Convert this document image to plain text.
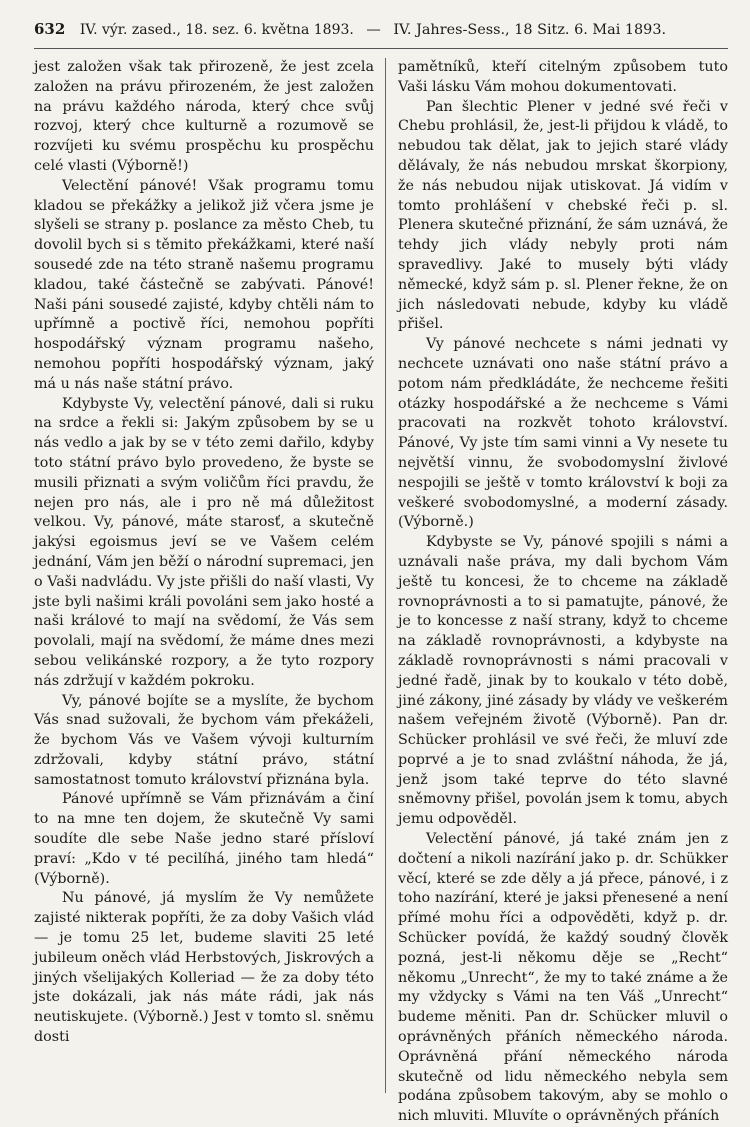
632 IV. výr. zased., 18. sez. 6. května 1893. — IV. Jahres-Sess., 18 Sitz. 6. Mai 1893.

jest založen však tak přirozeně, že jest zcela založen na právu přirozeném, že jest založen na právu každého národa, který chce svůj rozvoj, který chce kulturně a rozumově se rozvíjeti ku svému prospěchu ku prospěchu celé vlasti (Výborně!)

Velectění pánové! Však programu tomu kladou se překážky a jelikož již včera jsme je slyšeli se strany p. poslance za město Cheb, tu dovolil bych si s těmito překážkami, které naší sousedé zde na této straně našemu programu kladou, také částečně se zabývati. Pánové! Naši páni sousedé zajisté, kdyby chtěli nám to upřímně a poctivě říci, nemohou popříti hospodářský význam programu našeho, nemohou popříti hospodářský význam, jaký má u nás naše státní právo.

Kdybyste Vy, velectění pánové, dali si ruku na srdce a řekli si: Jakým způsobem by se u nás vedlo a jak by se v této zemi dařilo, kdyby toto státní právo bylo provedeno, že byste se musili přiznati a svým voličům říci pravdu, že nejen pro nás, ale i pro ně má důležitost velkou. Vy, pánové, máte starosť, a skutečně jakýsi egoismus jeví se ve Vašem celém jednání, Vám jen běží o národní supremaci, jen o Vaši nadvládu. Vy jste přišli do naší vlasti, Vy jste byli našimi králi povoláni sem jako hosté a naši králové to mají na svědomí, že Vás sem povolali, mají na svědomí, že máme dnes mezi sebou velikánské rozpory, a že tyto rozpory nás zdržují v každém pokroku.

Vy, pánové bojíte se a myslíte, že bychom Vás snad sužovali, že bychom vám překáželi, že bychom Vás ve Vašem vývoji kulturním zdržovali, kdyby státní právo, státní samostatnost tomuto království přiznána byla.

Pánové upřímně se Vám přiznávám a činí to na mne ten dojem, že skutečně Vy sami soudíte dle sebe Naše jedno staré přísloví praví: „Kdo v té pecilíhá, jiného tam hledá“ (Výborně).

Nu pánové, já myslím že Vy nemůžete zajisté nikterak popříti, že za doby Vašich vlád — je tomu 25 let, budeme slaviti 25 leté jubileum oněch vlád Herbstových, Jiskrových a jiných všelijakých Kolleriad — že za doby této jste dokázali, jak nás máte rádi, jak nás neutiskujete. (Výborně.) Jest v tomto sl. sněmu dosti

pamětníků, kteří citelným způsobem tuto Vaši lásku Vám mohou dokumentovati.

Pan šlechtic Plener v jedné své řeči v Chebu prohlásil, že, jest-li přijdou k vládě, to nebudou tak dělat, jak to jejich staré vlády dělávaly, že nás nebudou mrskat škorpiony, že nás nebudou nijak utiskovat. Já vidím v tomto prohlášení v chebské řeči p. sl. Plenera skutečné přiznání, že sám uznává, že tehdy jich vlády nebyly proti nám spravedlivy. Jaké to musely býti vlády německé, když sám p. sl. Plener řekne, že on jich následovati nebude, kdyby ku vládě přišel.

Vy pánové nechcete s námi jednati vy nechcete uznávati ono naše státní právo a potom nám předkládáte, že nechceme řešiti otázky hospodářské a že nechceme s Vámi pracovati na rozkvět tohoto království. Pánové, Vy jste tím sami vinni a Vy nesete tu největší vinnu, že svobodomyslní živlové nespojili se ještě v tomto království k boji za veškeré svobodomyslné, a moderní zásady. (Výborně.)

Kdybyste se Vy, pánové spojili s námi a uznávali naše práva, my dali bychom Vám ještě tu koncesi, že to chceme na základě rovnoprávnosti a to si pamatujte, pánové, že je to koncesse z naší strany, když to chceme na základě rovnoprávnosti, a kdybyste na základě rovnoprávnosti s námi pracovali v jedné řadě, jinak by to koukalo v této době, jiné zákony, jiné zásady by vlády ve veškerém našem veřejném životě (Výborně). Pan dr. Schücker prohlásil ve své řeči, že mluví zde poprvé a je to snad zvláštní náhoda, že já, jenž jsom také teprve do této slavné sněmovny přišel, povolán jsem k tomu, abych jemu odpověděl.

Velectění pánové, já také znám jen z dočtení a nikoli nazírání jako p. dr. Schükker věcí, které se zde děly a já přece, pánové, i z toho nazírání, které je jaksi přenesené a není přímé mohu říci a odpověděti, když p. dr. Schücker povídá, že každý soudný člověk pozná, jest-li někomu děje se „Recht“ někomu „Unrecht“, že my to také známe a že my vždycky s Vámi na ten Váš „Unrecht“ budeme měniti. Pan dr. Schücker mluvil o oprávněných přáních německého národa. Oprávněná přání německého národa skutečně od lidu německého nebyla sem podána způsobem takovým, aby se mohlo o nich mluviti. Mluvíte o oprávněných přáních
